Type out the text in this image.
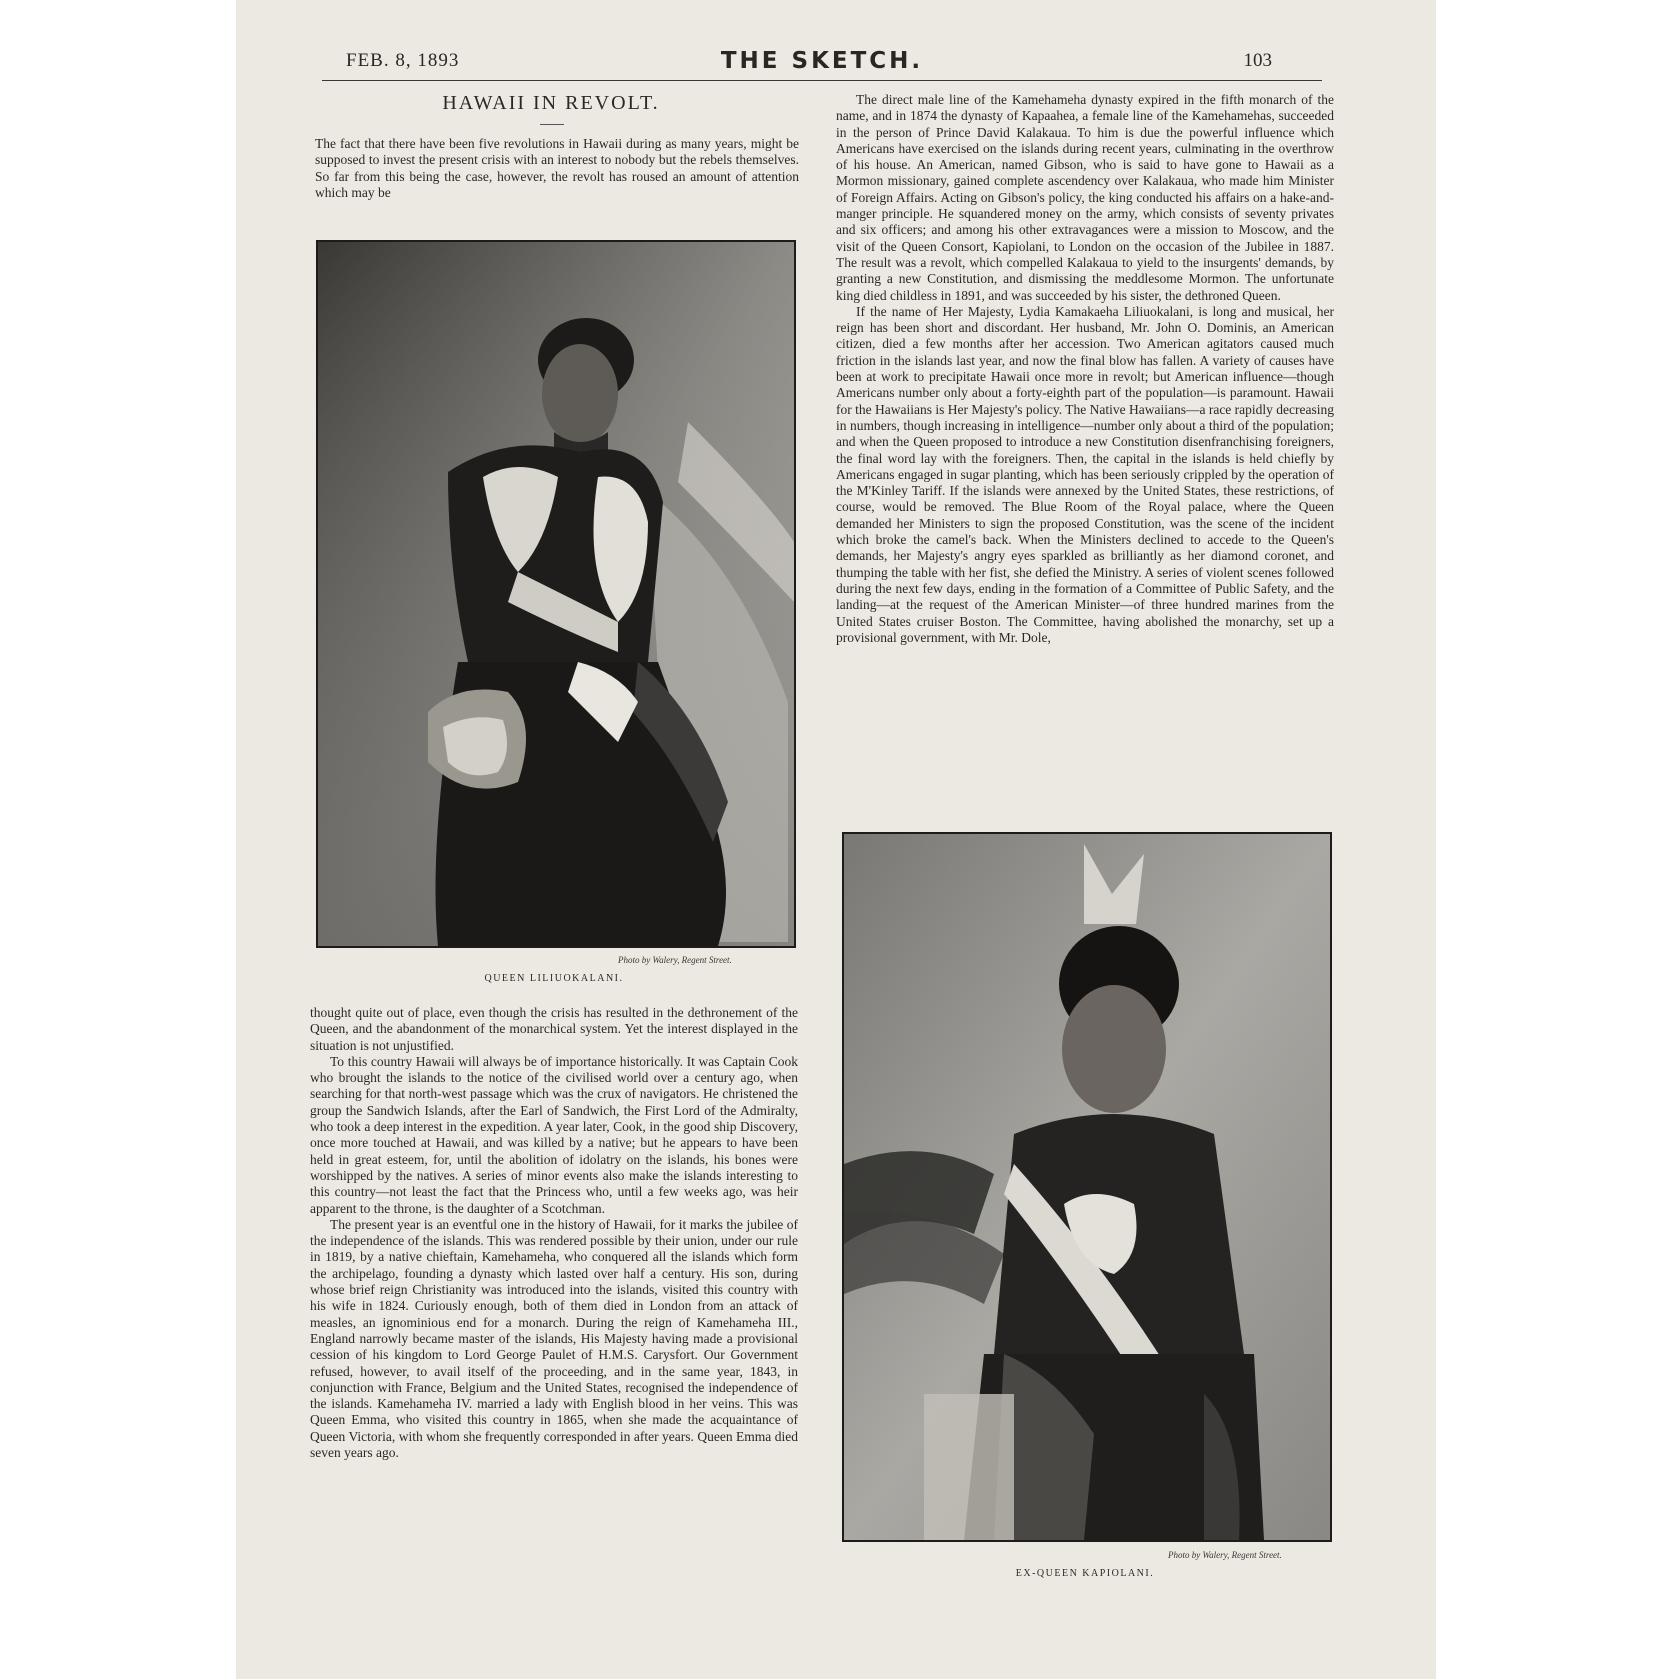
FEB. 8, 1893	THE SKETCH.	103
HAWAII IN REVOLT.

The fact that there have been five revolutions in Hawaii during as many years, might be supposed to invest the present crisis with an interest to nobody but the rebels themselves. So far from this being the case, however, the revolt has roused an amount of attention which may be

Photo by Walery, Regent Street.
QUEEN LILIUOKALANI.

thought quite out of place, even though the crisis has resulted in the dethronement of the Queen, and the abandonment of the monarchical system. Yet the interest displayed in the situation is not unjustified.

To this country Hawaii will always be of importance historically. It was Captain Cook who brought the islands to the notice of the civilised world over a century ago, when searching for that north-west passage which was the crux of navigators. He christened the group the Sandwich Islands, after the Earl of Sandwich, the First Lord of the Admiralty, who took a deep interest in the expedition. A year later, Cook, in the good ship Discovery, once more touched at Hawaii, and was killed by a native; but he appears to have been held in great esteem, for, until the abolition of idolatry on the islands, his bones were worshipped by the natives. A series of minor events also make the islands interesting to this country—not least the fact that the Princess who, until a few weeks ago, was heir apparent to the throne, is the daughter of a Scotchman.

The present year is an eventful one in the history of Hawaii, for it marks the jubilee of the independence of the islands. This was rendered possible by their union, under our rule in 1819, by a native chieftain, Kamehameha, who conquered all the islands which form the archipelago, founding a dynasty which lasted over half a century. His son, during whose brief reign Christianity was introduced into the islands, visited this country with his wife in 1824. Curiously enough, both of them died in London from an attack of measles, an ignominious end for a monarch. During the reign of Kamehameha III., England narrowly became master of the islands, His Majesty having made a provisional cession of his kingdom to Lord George Paulet of H.M.S. Carysfort. Our Government refused, however, to avail itself of the proceeding, and in the same year, 1843, in conjunction with France, Belgium and the United States, recognised the independence of the islands. Kamehameha IV. married a lady with English blood in her veins. This was Queen Emma, who visited this country in 1865, when she made the acquaintance of Queen Victoria, with whom she frequently corresponded in after years. Queen Emma died seven years ago.

The direct male line of the Kamehameha dynasty expired in the fifth monarch of the name, and in 1874 the dynasty of Kapaahea, a female line of the Kamehamehas, succeeded in the person of Prince David Kalakaua. To him is due the powerful influence which Americans have exercised on the islands during recent years, culminating in the overthrow of his house. An American, named Gibson, who is said to have gone to Hawaii as a Mormon missionary, gained complete ascendency over Kalakaua, who made him Minister of Foreign Affairs. Acting on Gibson's policy, the king conducted his affairs on a hake-and-manger principle. He squandered money on the army, which consists of seventy privates and six officers; and among his other extravagances were a mission to Moscow, and the visit of the Queen Consort, Kapiolani, to London on the occasion of the Jubilee in 1887. The result was a revolt, which compelled Kalakaua to yield to the insurgents' demands, by granting a new Constitution, and dismissing the meddlesome Mormon. The unfortunate king died childless in 1891, and was succeeded by his sister, the dethroned Queen.

If the name of Her Majesty, Lydia Kamakaeha Liliuokalani, is long and musical, her reign has been short and discordant. Her husband, Mr. John O. Dominis, an American citizen, died a few months after her accession. Two American agitators caused much friction in the islands last year, and now the final blow has fallen. A variety of causes have been at work to precipitate Hawaii once more in revolt; but American influence—though Americans number only about a forty-eighth part of the population—is paramount. Hawaii for the Hawaiians is Her Majesty's policy. The Native Hawaiians—a race rapidly decreasing in numbers, though increasing in intelligence—number only about a third of the population; and when the Queen proposed to introduce a new Constitution disenfranchising foreigners, the final word lay with the foreigners. Then, the capital in the islands is held chiefly by Americans engaged in sugar planting, which has been seriously crippled by the operation of the M'Kinley Tariff. If the islands were annexed by the United States, these restrictions, of course, would be removed. The Blue Room of the Royal palace, where the Queen demanded her Ministers to sign the proposed Constitution, was the scene of the incident which broke the camel's back. When the Ministers declined to accede to the Queen's demands, her Majesty's angry eyes sparkled as brilliantly as her diamond coronet, and thumping the table with her fist, she defied the Ministry. A series of violent scenes followed during the next few days, ending in the formation of a Committee of Public Safety, and the landing—at the request of the American Minister—of three hundred marines from the United States cruiser Boston. The Committee, having abolished the monarchy, set up a provisional government, with Mr. Dole,

Photo by Walery, Regent Street.
EX-QUEEN KAPIOLANI.
